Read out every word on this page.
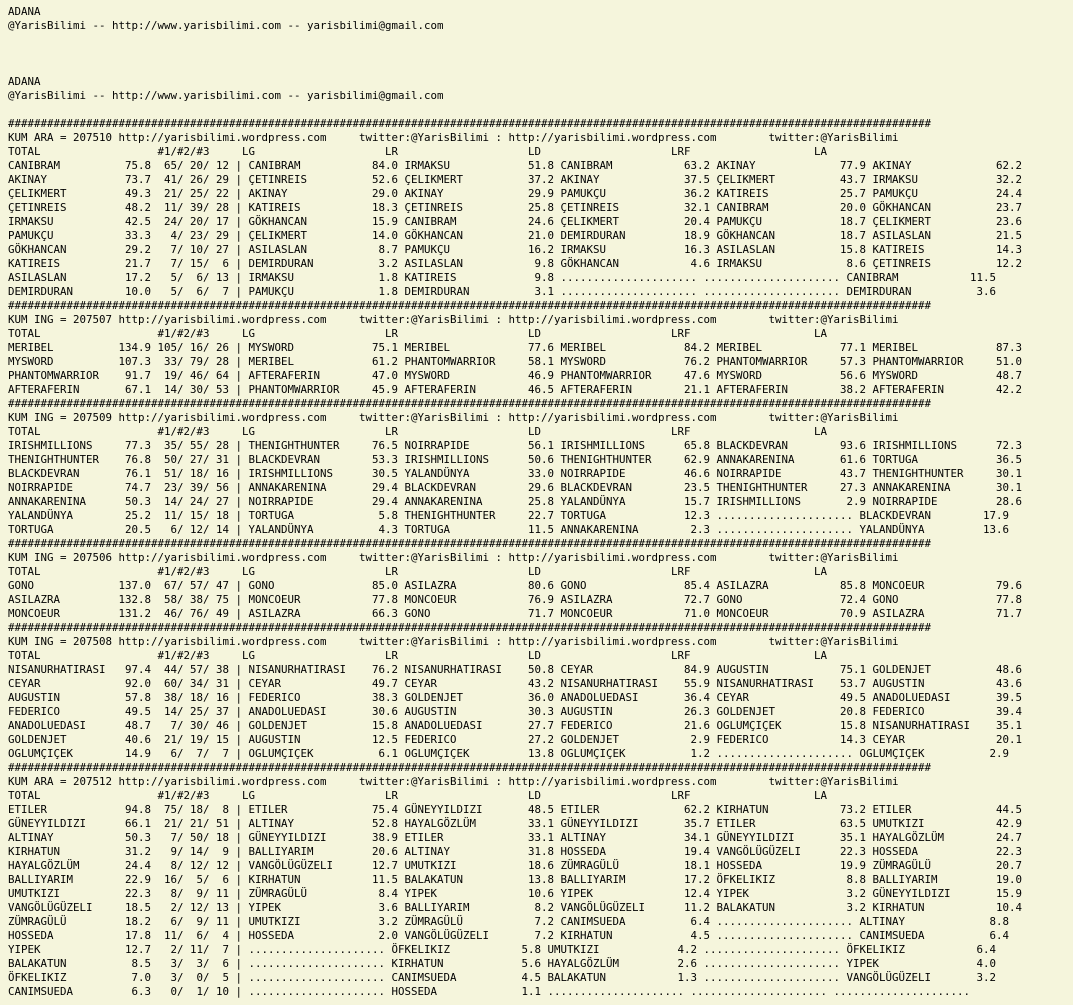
ADANA
@YarisBilimi -- http://www.yarisbilimi.com -- yarisbilimi@gmail.com
ADANA
@YarisBilimi -- http://www.yarisbilimi.com -- yarisbilimi@gmail.com
##############################################################################################################################################
KUM ARA = 207510 http://yarisbilimi.wordpress.com     twitter:@YarisBilimi : http://yarisbilimi.wordpress.com        twitter:@YarisBilimi
TOTAL                  #1/#2/#3     LG                    LR                    LD                    LRF                   LA
CANIBRAM          75.8  65/ 20/ 12 | CANIBRAM           84.0 IRMAKSU            51.8 CANIBRAM           63.2 AKINAY             77.9 AKINAY             62.2
AKINAY            73.7  41/ 26/ 29 | ÇETINREIS          52.6 ÇELIKMERT          37.2 AKINAY             37.5 ÇELIKMERT          43.7 IRMAKSU            32.2
ÇELIKMERT         49.3  21/ 25/ 22 | AKINAY             29.0 AKINAY             29.9 PAMUKÇU            36.2 KATIREIS           25.7 PAMUKÇU            24.4
ÇETINREIS         48.2  11/ 39/ 28 | KATIREIS           18.3 ÇETINREIS          25.8 ÇETINREIS          32.1 CANIBRAM           20.0 GÖKHANCAN          23.7
IRMAKSU           42.5  24/ 20/ 17 | GÖKHANCAN          15.9 CANIBRAM           24.6 ÇELIKMERT          20.4 PAMUKÇU            18.7 ÇELIKMERT          23.6
PAMUKÇU           33.3   4/ 23/ 29 | ÇELIKMERT          14.0 GÖKHANCAN          21.0 DEMIRDURAN         18.9 GÖKHANCAN          18.7 ASILASLAN          21.5
GÖKHANCAN         29.2   7/ 10/ 27 | ASILASLAN           8.7 PAMUKÇU            16.2 IRMAKSU            16.3 ASILASLAN          15.8 KATIREIS           14.3
KATIREIS          21.7   7/ 15/  6 | DEMIRDURAN          3.2 ASILASLAN           9.8 GÖKHANCAN           4.6 IRMAKSU             8.6 ÇETINREIS          12.2
ASILASLAN         17.2   5/  6/ 13 | IRMAKSU             1.8 KATIREIS            9.8 ..................... ..................... CANIBRAM           11.5
DEMIRDURAN        10.0   5/  6/  7 | PAMUKÇU             1.8 DEMIRDURAN          3.1 ..................... ..................... DEMIRDURAN          3.6
##############################################################################################################################################
KUM ING = 207507 http://yarisbilimi.wordpress.com     twitter:@YarisBilimi : http://yarisbilimi.wordpress.com        twitter:@YarisBilimi
TOTAL                  #1/#2/#3     LG                    LR                    LD                    LRF                   LA
MERIBEL          134.9 105/ 16/ 26 | MYSWORD            75.1 MERIBEL            77.6 MERIBEL            84.2 MERIBEL            77.1 MERIBEL            87.3
MYSWORD          107.3  33/ 79/ 28 | MERIBEL            61.2 PHANTOMWARRIOR     58.1 MYSWORD            76.2 PHANTOMWARRIOR     57.3 PHANTOMWARRIOR     51.0
PHANTOMWARRIOR    91.7  19/ 46/ 64 | AFTERAFERIN        47.0 MYSWORD            46.9 PHANTOMWARRIOR     47.6 MYSWORD            56.6 MYSWORD            48.7
AFTERAFERIN       67.1  14/ 30/ 53 | PHANTOMWARRIOR     45.9 AFTERAFERIN        46.5 AFTERAFERIN        21.1 AFTERAFERIN        38.2 AFTERAFERIN        42.2
##############################################################################################################################################
KUM ING = 207509 http://yarisbilimi.wordpress.com     twitter:@YarisBilimi : http://yarisbilimi.wordpress.com        twitter:@YarisBilimi
TOTAL                  #1/#2/#3     LG                    LR                    LD                    LRF                   LA
IRISHMILLIONS     77.3  35/ 55/ 28 | THENIGHTHUNTER     76.5 NOIRRAPIDE         56.1 IRISHMILLIONS      65.8 BLACKDEVRAN        93.6 IRISHMILLIONS      72.3
THENIGHTHUNTER    76.8  50/ 27/ 31 | BLACKDEVRAN        53.3 IRISHMILLIONS      50.6 THENIGHTHUNTER     62.9 ANNAKARENINA       61.6 TORTUGA            36.5
BLACKDEVRAN       76.1  51/ 18/ 16 | IRISHMILLIONS      30.5 YALANDÜNYA         33.0 NOIRRAPIDE         46.6 NOIRRAPIDE         43.7 THENIGHTHUNTER     30.1
NOIRRAPIDE        74.7  23/ 39/ 56 | ANNAKARENINA       29.4 BLACKDEVRAN        29.6 BLACKDEVRAN        23.5 THENIGHTHUNTER     27.3 ANNAKARENINA       30.1
ANNAKARENINA      50.3  14/ 24/ 27 | NOIRRAPIDE         29.4 ANNAKARENINA       25.8 YALANDÜNYA         15.7 IRISHMILLIONS       2.9 NOIRRAPIDE         28.6
YALANDÜNYA        25.2  11/ 15/ 18 | TORTUGA             5.8 THENIGHTHUNTER     22.7 TORTUGA            12.3 ..................... BLACKDEVRAN        17.9
TORTUGA           20.5   6/ 12/ 14 | YALANDÜNYA          4.3 TORTUGA            11.5 ANNAKARENINA        2.3 ..................... YALANDÜNYA         13.6
##############################################################################################################################################
KUM ING = 207506 http://yarisbilimi.wordpress.com     twitter:@YarisBilimi : http://yarisbilimi.wordpress.com        twitter:@YarisBilimi
TOTAL                  #1/#2/#3     LG                    LR                    LD                    LRF                   LA
GONO             137.0  67/ 57/ 47 | GONO               85.0 ASILAZRA           80.6 GONO               85.4 ASILAZRA           85.8 MONCOEUR           79.6
ASILAZRA         132.8  58/ 38/ 75 | MONCOEUR           77.8 MONCOEUR           76.9 ASILAZRA           72.7 GONO               72.4 GONO               77.8
MONCOEUR         131.2  46/ 76/ 49 | ASILAZRA           66.3 GONO               71.7 MONCOEUR           71.0 MONCOEUR           70.9 ASILAZRA           71.7
##############################################################################################################################################
KUM ING = 207508 http://yarisbilimi.wordpress.com     twitter:@YarisBilimi : http://yarisbilimi.wordpress.com        twitter:@YarisBilimi
TOTAL                  #1/#2/#3     LG                    LR                    LD                    LRF                   LA
NISANURHATIRASI   97.4  44/ 57/ 38 | NISANURHATIRASI    76.2 NISANURHATIRASI    50.8 CEYAR              84.9 AUGUSTIN           75.1 GOLDENJET          48.6
CEYAR             92.0  60/ 34/ 31 | CEYAR              49.7 CEYAR              43.2 NISANURHATIRASI    55.9 NISANURHATIRASI    53.7 AUGUSTIN           43.6
AUGUSTIN          57.8  38/ 18/ 16 | FEDERICO           38.3 GOLDENJET          36.0 ANADOLUEDASI       36.4 CEYAR              49.5 ANADOLUEDASI       39.5
FEDERICO          49.5  14/ 25/ 37 | ANADOLUEDASI       30.6 AUGUSTIN           30.3 AUGUSTIN           26.3 GOLDENJET          20.8 FEDERICO           39.4
ANADOLUEDASI      48.7   7/ 30/ 46 | GOLDENJET          15.8 ANADOLUEDASI       27.7 FEDERICO           21.6 OGLUMÇIÇEK         15.8 NISANURHATIRASI    35.1
GOLDENJET         40.6  21/ 19/ 15 | AUGUSTIN           12.5 FEDERICO           27.2 GOLDENJET           2.9 FEDERICO           14.3 CEYAR              20.1
OGLUMÇIÇEK        14.9   6/  7/  7 | OGLUMÇIÇEK          6.1 OGLUMÇIÇEK         13.8 OGLUMÇIÇEK          1.2 ..................... OGLUMÇIÇEK          2.9
##############################################################################################################################################
KUM ARA = 207512 http://yarisbilimi.wordpress.com     twitter:@YarisBilimi : http://yarisbilimi.wordpress.com        twitter:@YarisBilimi
TOTAL                  #1/#2/#3     LG                    LR                    LD                    LRF                   LA
ETILER            94.8  75/ 18/  8 | ETILER             75.4 GÜNEYYILDIZI       48.5 ETILER             62.2 KIRHATUN           73.2 ETILER             44.5
GÜNEYYILDIZI      66.1  21/ 21/ 51 | ALTINAY            52.8 HAYALGÖZLÜM        33.1 GÜNEYYILDIZI       35.7 ETILER             63.5 UMUTKIZI           42.9
ALTINAY           50.3   7/ 50/ 18 | GÜNEYYILDIZI       38.9 ETILER             33.1 ALTINAY            34.1 GÜNEYYILDIZI       35.1 HAYALGÖZLÜM        24.7
KIRHATUN          31.2   9/ 14/  9 | BALLIYARIM         20.6 ALTINAY            31.8 HOSSEDA            19.4 VANGÖLÜGÜZELI      22.3 HOSSEDA            22.3
HAYALGÖZLÜM       24.4   8/ 12/ 12 | VANGÖLÜGÜZELI      12.7 UMUTKIZI           18.6 ZÜMRAGÜLÜ          18.1 HOSSEDA            19.9 ZÜMRAGÜLÜ          20.7
BALLIYARIM        22.9  16/  5/  6 | KIRHATUN           11.5 BALAKATUN          13.8 BALLIYARIM         17.2 ÖFKELIKIZ           8.8 BALLIYARIM         19.0
UMUTKIZI          22.3   8/  9/ 11 | ZÜMRAGÜLÜ           8.4 YIPEK              10.6 YIPEK              12.4 YIPEK               3.2 GÜNEYYILDIZI       15.9
VANGÖLÜGÜZELI     18.5   2/ 12/ 13 | YIPEK               3.6 BALLIYARIM          8.2 VANGÖLÜGÜZELI      11.2 BALAKATUN           3.2 KIRHATUN           10.4
ZÜMRAGÜLÜ         18.2   6/  9/ 11 | UMUTKIZI            3.2 ZÜMRAGÜLÜ           7.2 CANIMSUEDA          6.4 ..................... ALTINAY             8.8
HOSSEDA           17.8  11/  6/  4 | HOSSEDA             2.0 VANGÖLÜGÜZELI       7.2 KIRHATUN            4.5 ..................... CANIMSUEDA          6.4
YIPEK             12.7   2/ 11/  7 | ..................... ÖFKELIKIZ           5.8 UMUTKIZI            4.2 ..................... ÖFKELIKIZ           6.4
BALAKATUN          8.5   3/  3/  6 | ..................... KIRHATUN            5.6 HAYALGÖZLÜM         2.6 ..................... YIPEK               4.0
ÖFKELIKIZ          7.0   3/  0/  5 | ..................... CANIMSUEDA          4.5 BALAKATUN           1.3 ..................... VANGÖLÜGÜZELI       3.2
CANIMSUEDA         6.3   0/  1/ 10 | ..................... HOSSEDA             1.1 ..................... ..................... .....................
